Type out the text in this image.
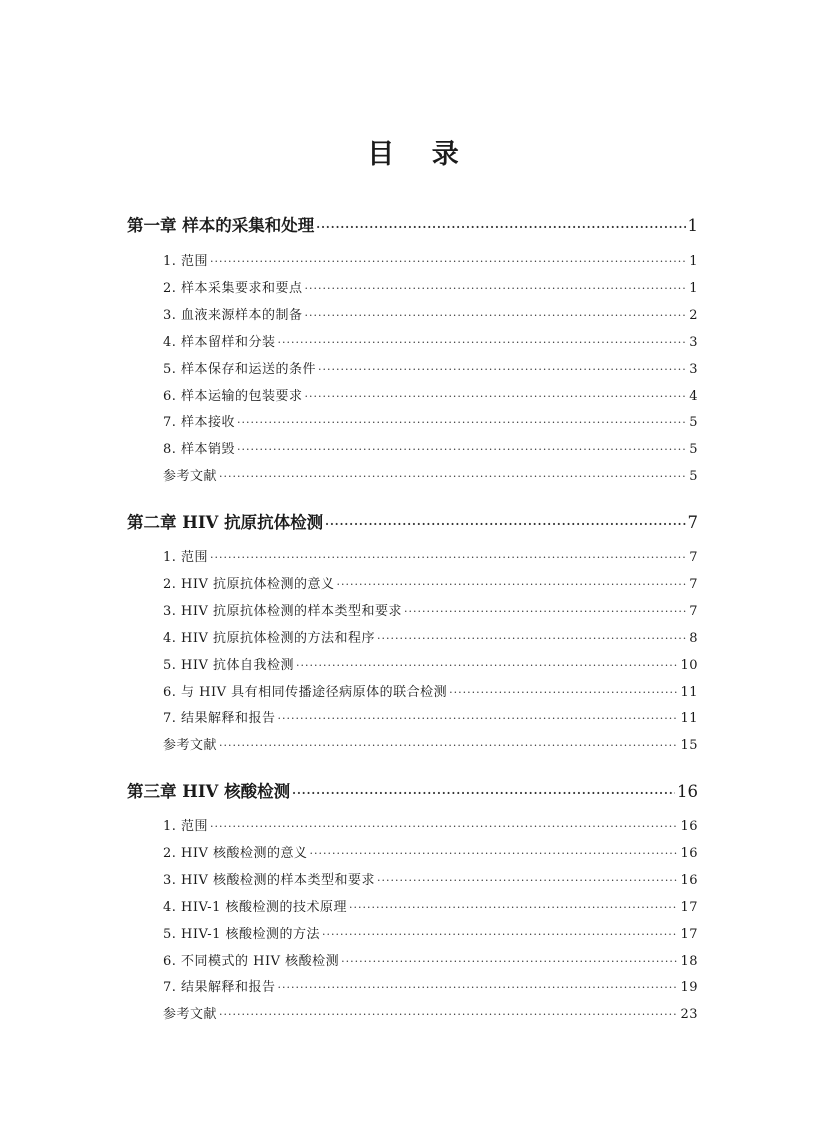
目 录
第一章 样本的采集和处理 ·····	1
1. 范围 ·····	1
2. 样本采集要求和要点 ·····	1
3. 血液来源样本的制备 ·····	2
4. 样本留样和分装 ·····	3
5. 样本保存和运送的条件 ·····	3
6. 样本运输的包装要求 ·····	4
7. 样本接收 ·····	5
8. 样本销毁 ·····	5
参考文献 ·····	5
第二章 HIV 抗原抗体检测 ·····	7
1. 范围 ·····	7
2. HIV 抗原抗体检测的意义 ·····	7
3. HIV 抗原抗体检测的样本类型和要求 ·····	7
4. HIV 抗原抗体检测的方法和程序 ·····	8
5. HIV 抗体自我检测 ·····	10
6. 与 HIV 具有相同传播途径病原体的联合检测 ·····	11
7. 结果解释和报告 ·····	11
参考文献 ·····	15
第三章 HIV 核酸检测 ·····	16
1. 范围 ·····	16
2. HIV 核酸检测的意义 ·····	16
3. HIV 核酸检测的样本类型和要求 ·····	16
4. HIV-1 核酸检测的技术原理 ·····	17
5. HIV-1 核酸检测的方法 ·····	17
6. 不同模式的 HIV 核酸检测 ·····	18
7. 结果解释和报告 ·····	19
参考文献 ·····	23
